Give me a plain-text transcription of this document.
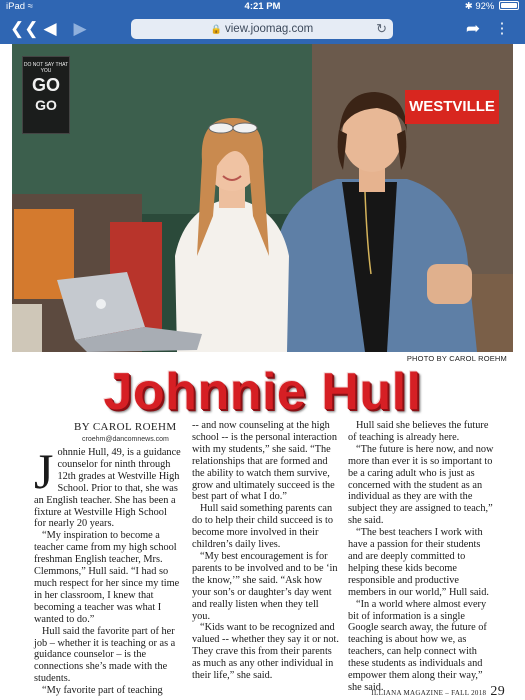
iPad ≈	4:21 PM	✱ 92%
❮❮ ◀ ▶	🔒 view.joomag.com	↻	➦ ⋮
DO NOT SAY THAT YOU
GO
GO	WESTVILLE
PHOTO BY CAROL ROEHM
Johnnie Hull
BY CAROL ROEHM
croehm@dancomnews.com
J ohnnie Hull, 49, is a guidance counselor for ninth through 12th grades at Westville High School. Prior to that, she was an English teacher. She has been a fixture at Westville High School for nearly 20 years.

“My inspiration to become a teacher came from my high school freshman English teacher, Mrs. Clemmons,” Hull said. “I had so much respect for her since my time in her classroom, I knew that becoming a teacher was what I wanted to do.”

Hull said the favorite part of her job – whether it is teaching or as a guidance counselor – is the connections she’s made with the students.

“My favorite part of teaching

-- and now counseling at the high school -- is the personal interaction with my students,” she said. “The relationships that are formed and the ability to watch them survive, grow and ultimately succeed is the best part of what I do.”

Hull said something parents can do to help their child succeed is to become more involved in their children’s daily lives.

“My best encouragement is for parents to be involved and to be ‘in the know,’” she said. “Ask how your son’s or daughter’s day went and really listen when they tell you.

“Kids want to be recognized and valued -- whether they say it or not. They crave this from their parents as much as any other individual in their life,” she said.

Hull said she believes the future of teaching is already here.

“The future is here now, and now more than ever it is so important to be a caring adult who is just as concerned with the student as an individual as they are with the subject they are assigned to teach,” she said.

“The best teachers I work with have a passion for their students and are deeply committed to helping these kids become responsible and productive members in our world,” Hull said.

“In a world where almost every bit of information is a single Google search away, the future of teaching is about how we, as teachers, can help connect with these students as individuals and empower them along their way,” she said.

ILLIANA MAGAZINE – FALL 2018 29
